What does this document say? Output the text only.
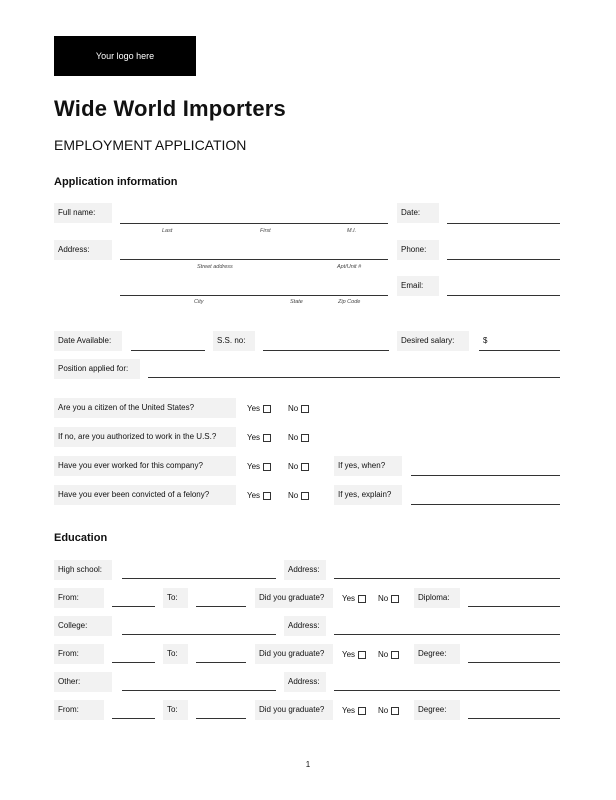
Your logo here
Wide World Importers
EMPLOYMENT APPLICATION
Application information
Full name:
Last	First	M.I.
Date:
Address:
Street address	Apt/Unit #
Phone:
City	State	Zip Code
Email:
Date Available:	S.S. no:	Desired salary:	$
Position applied for:
Are you a citizen of the United States?	Yes	No
If no, are you authorized to work in the U.S.?	Yes	No
Have you ever worked for this company?	Yes	No	If yes, when?
Have you ever been convicted of a felony?	Yes	No	If yes, explain?
Education
High school:	Address:
From:	To:	Did you graduate?	Yes	No	Diploma:
College:	Address:
From:	To:	Did you graduate?	Yes	No	Degree:
Other:	Address:
From:	To:	Did you graduate?	Yes	No	Degree:
1
